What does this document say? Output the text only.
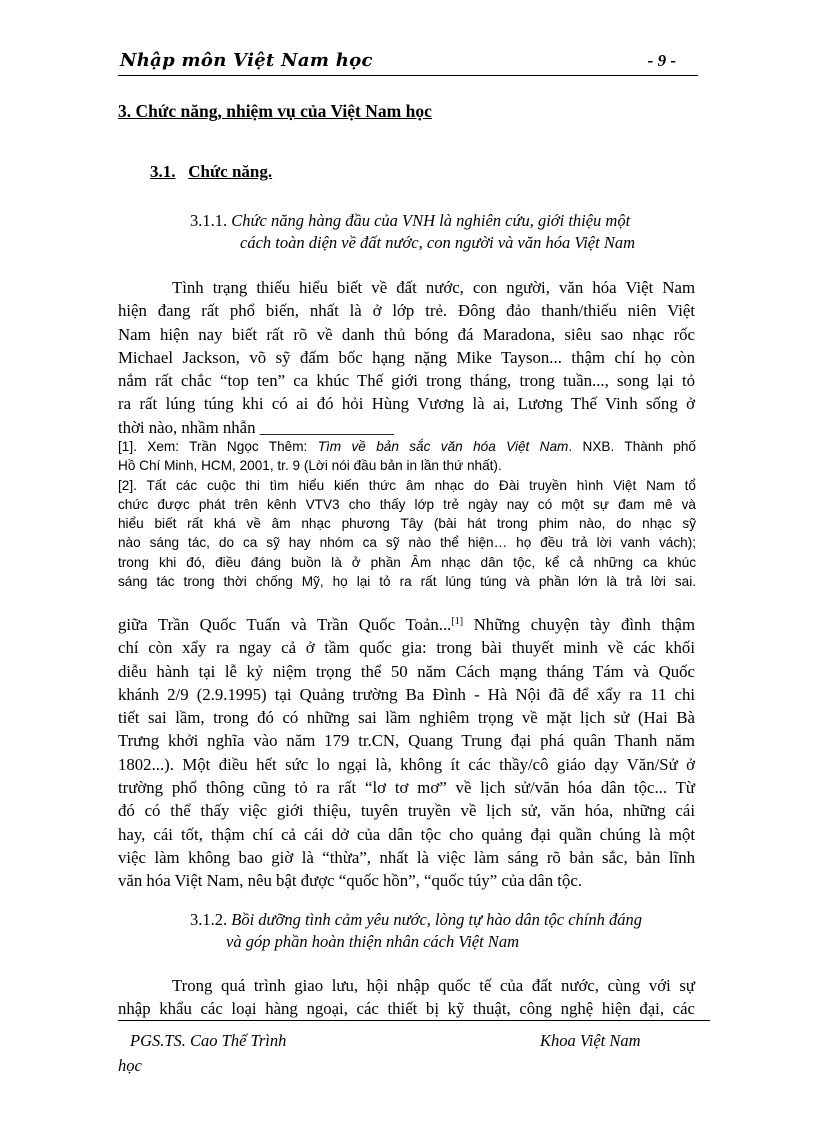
Nhập môn Việt Nam học	- 9 -
3. Chức năng, nhiệm vụ của Việt Nam học
3.1. Chức năng.
3.1.1. Chức năng hàng đầu của VNH là nghiên cứu, giới thiệu một
cách toàn diện về đất nước, con người và văn hóa Việt Nam
Tình trạng thiếu hiểu biết về đất nước, con người, văn hóa Việt Nam
hiện đang rất phổ biến, nhất là ở lớp trẻ. Đông đảo thanh/thiếu niên Việt
Nam hiện nay biết rất rõ về danh thủ bóng đá Maradona, siêu sao nhạc rốc
Michael Jackson, võ sỹ đấm bốc hạng nặng Mike Tayson... thậm chí họ còn
nắm rất chắc “top ten” ca khúc Thế giới trong tháng, trong tuần..., song lại tỏ
ra rất lúng túng khi có ai đó hỏi Hùng Vương là ai, Lương Thế Vinh sống ở
thời nào, nhầm nhẫn ________________
[1]. Xem: Trần Ngọc Thêm: Tìm về bản sắc văn hóa Việt Nam. NXB. Thành phố
Hồ Chí Minh, HCM, 2001, tr. 9 (Lời nói đầu bản in lần thứ nhất).
[2]. Tất các cuộc thi tìm hiểu kiến thức âm nhạc do Đài truyền hình Việt Nam tổ
chức được phát trên kênh VTV3 cho thấy lớp trẻ ngày nay có một sự đam mê và
hiểu biết rất khá về âm nhạc phương Tây (bài hát trong phim nào, do nhạc sỹ
nào sáng tác, do ca sỹ hay nhóm ca sỹ nào thể hiện… họ đều trả lời vanh vách);
trong khi đó, điều đáng buồn là ở phần Âm nhạc dân tộc, kể cả những ca khúc
sáng tác trong thời chống Mỹ, họ lại tỏ ra rất lúng túng và phần lớn là trả lời sai.
giữa Trần Quốc Tuấn và Trần Quốc Toản...[1] Những chuyện tày đình thậm
chí còn xẩy ra ngay cả ở tầm quốc gia: trong bài thuyết minh về các khối
diễu hành tại lễ kỷ niệm trọng thể 50 năm Cách mạng tháng Tám và Quốc
khánh 2/9 (2.9.1995) tại Quảng trường Ba Đình - Hà Nội đã để xẩy ra 11 chi
tiết sai lầm, trong đó có những sai lầm nghiêm trọng về mặt lịch sử (Hai Bà
Trưng khởi nghĩa vào năm 179 tr.CN, Quang Trung đại phá quân Thanh năm
1802...). Một điều hết sức lo ngại là, không ít các thầy/cô giáo dạy Văn/Sử ở
trường phổ thông cũng tỏ ra rất “lơ tơ mơ” về lịch sử/văn hóa dân tộc... Từ
đó có thể thấy việc giới thiệu, tuyên truyền về lịch sử, văn hóa, những cái
hay, cái tốt, thậm chí cả cái dở của dân tộc cho quảng đại quần chúng là một
việc làm không bao giờ là “thừa”, nhất là việc làm sáng rõ bản sắc, bản lĩnh
văn hóa Việt Nam, nêu bật được “quốc hồn”, “quốc túy” của dân tộc.
3.1.2. Bồi dưỡng tình cảm yêu nước, lòng tự hào dân tộc chính đáng
và góp phần hoàn thiện nhân cách Việt Nam
Trong quá trình giao lưu, hội nhập quốc tế của đất nước, cùng với sự
nhập khẩu các loại hàng ngoại, các thiết bị kỹ thuật, công nghệ hiện đại, các
PGS.TS. Cao Thế Trình	Khoa Việt Nam
học
